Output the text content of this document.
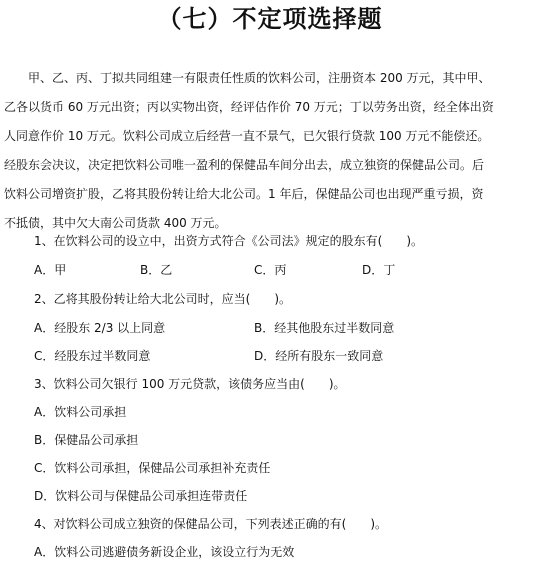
（七）不定项选择题
　　甲、乙、丙、丁拟共同组建一有限责任性质的饮料公司，注册资本 200 万元，其中甲、
乙各以货币 60 万元出资；丙以实物出资，经评估作价 70 万元；丁以劳务出资，经全体出资
人同意作价 10 万元。饮料公司成立后经营一直不景气，已欠银行贷款 100 万元不能偿还。
经股东会决议，决定把饮料公司唯一盈利的保健品车间分出去，成立独资的保健品公司。后
饮料公司增资扩股，乙将其股份转让给大北公司。1 年后，保健品公司也出现严重亏损，资
不抵债，其中欠大南公司货款 400 万元。
1、在饮料公司的设立中，出资方式符合《公司法》规定的股东有(　　)。
A．甲	B．乙	C．丙	D．丁
2、乙将其股份转让给大北公司时，应当(　　)。
A．经股东 2/3 以上同意	B．经其他股东过半数同意
C．经股东过半数同意	D．经所有股东一致同意
3、饮料公司欠银行 100 万元贷款，该债务应当由(　　)。
A．饮料公司承担
B．保健品公司承担
C．饮料公司承担，保健品公司承担补充责任
D．饮料公司与保健品公司承担连带责任
4、对饮料公司成立独资的保健品公司，下列表述正确的有(　　)。
A．饮料公司逃避债务新设企业，该设立行为无效
